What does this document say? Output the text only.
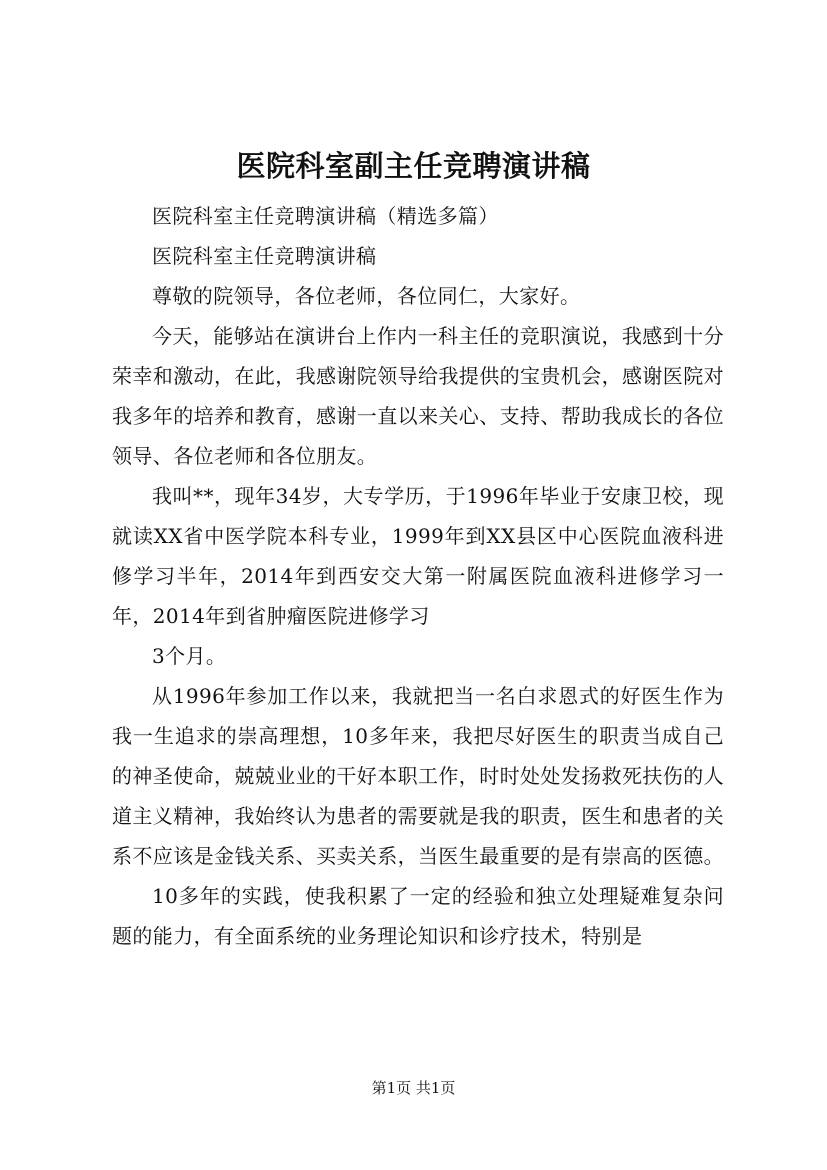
医院科室副主任竞聘演讲稿

医院科室主任竞聘演讲稿（精选多篇）

医院科室主任竞聘演讲稿

尊敬的院领导，各位老师，各位同仁，大家好。

今天，能够站在演讲台上作内一科主任的竞职演说，我感到十分荣幸和激动，在此，我感谢院领导给我提供的宝贵机会，感谢医院对我多年的培养和教育，感谢一直以来关心、支持、帮助我成长的各位领导、各位老师和各位朋友。

我叫**，现年34岁，大专学历，于1996年毕业于安康卫校，现就读XX省中医学院本科专业，1999年到XX县区中心医院血液科进修学习半年，2014年到西安交大第一附属医院血液科进修学习一年，2014年到省肿瘤医院进修学习

3个月。

从1996年参加工作以来，我就把当一名白求恩式的好医生作为我一生追求的崇高理想，10多年来，我把尽好医生的职责当成自己的神圣使命，兢兢业业的干好本职工作，时时处处发扬救死扶伤的人道主义精神，我始终认为患者的需要就是我的职责，医生和患者的关系不应该是金钱关系、买卖关系，当医生最重要的是有崇高的医德。

10多年的实践，使我积累了一定的经验和独立处理疑难复杂问题的能力，有全面系统的业务理论知识和诊疗技术，特别是

第1页 共1页
